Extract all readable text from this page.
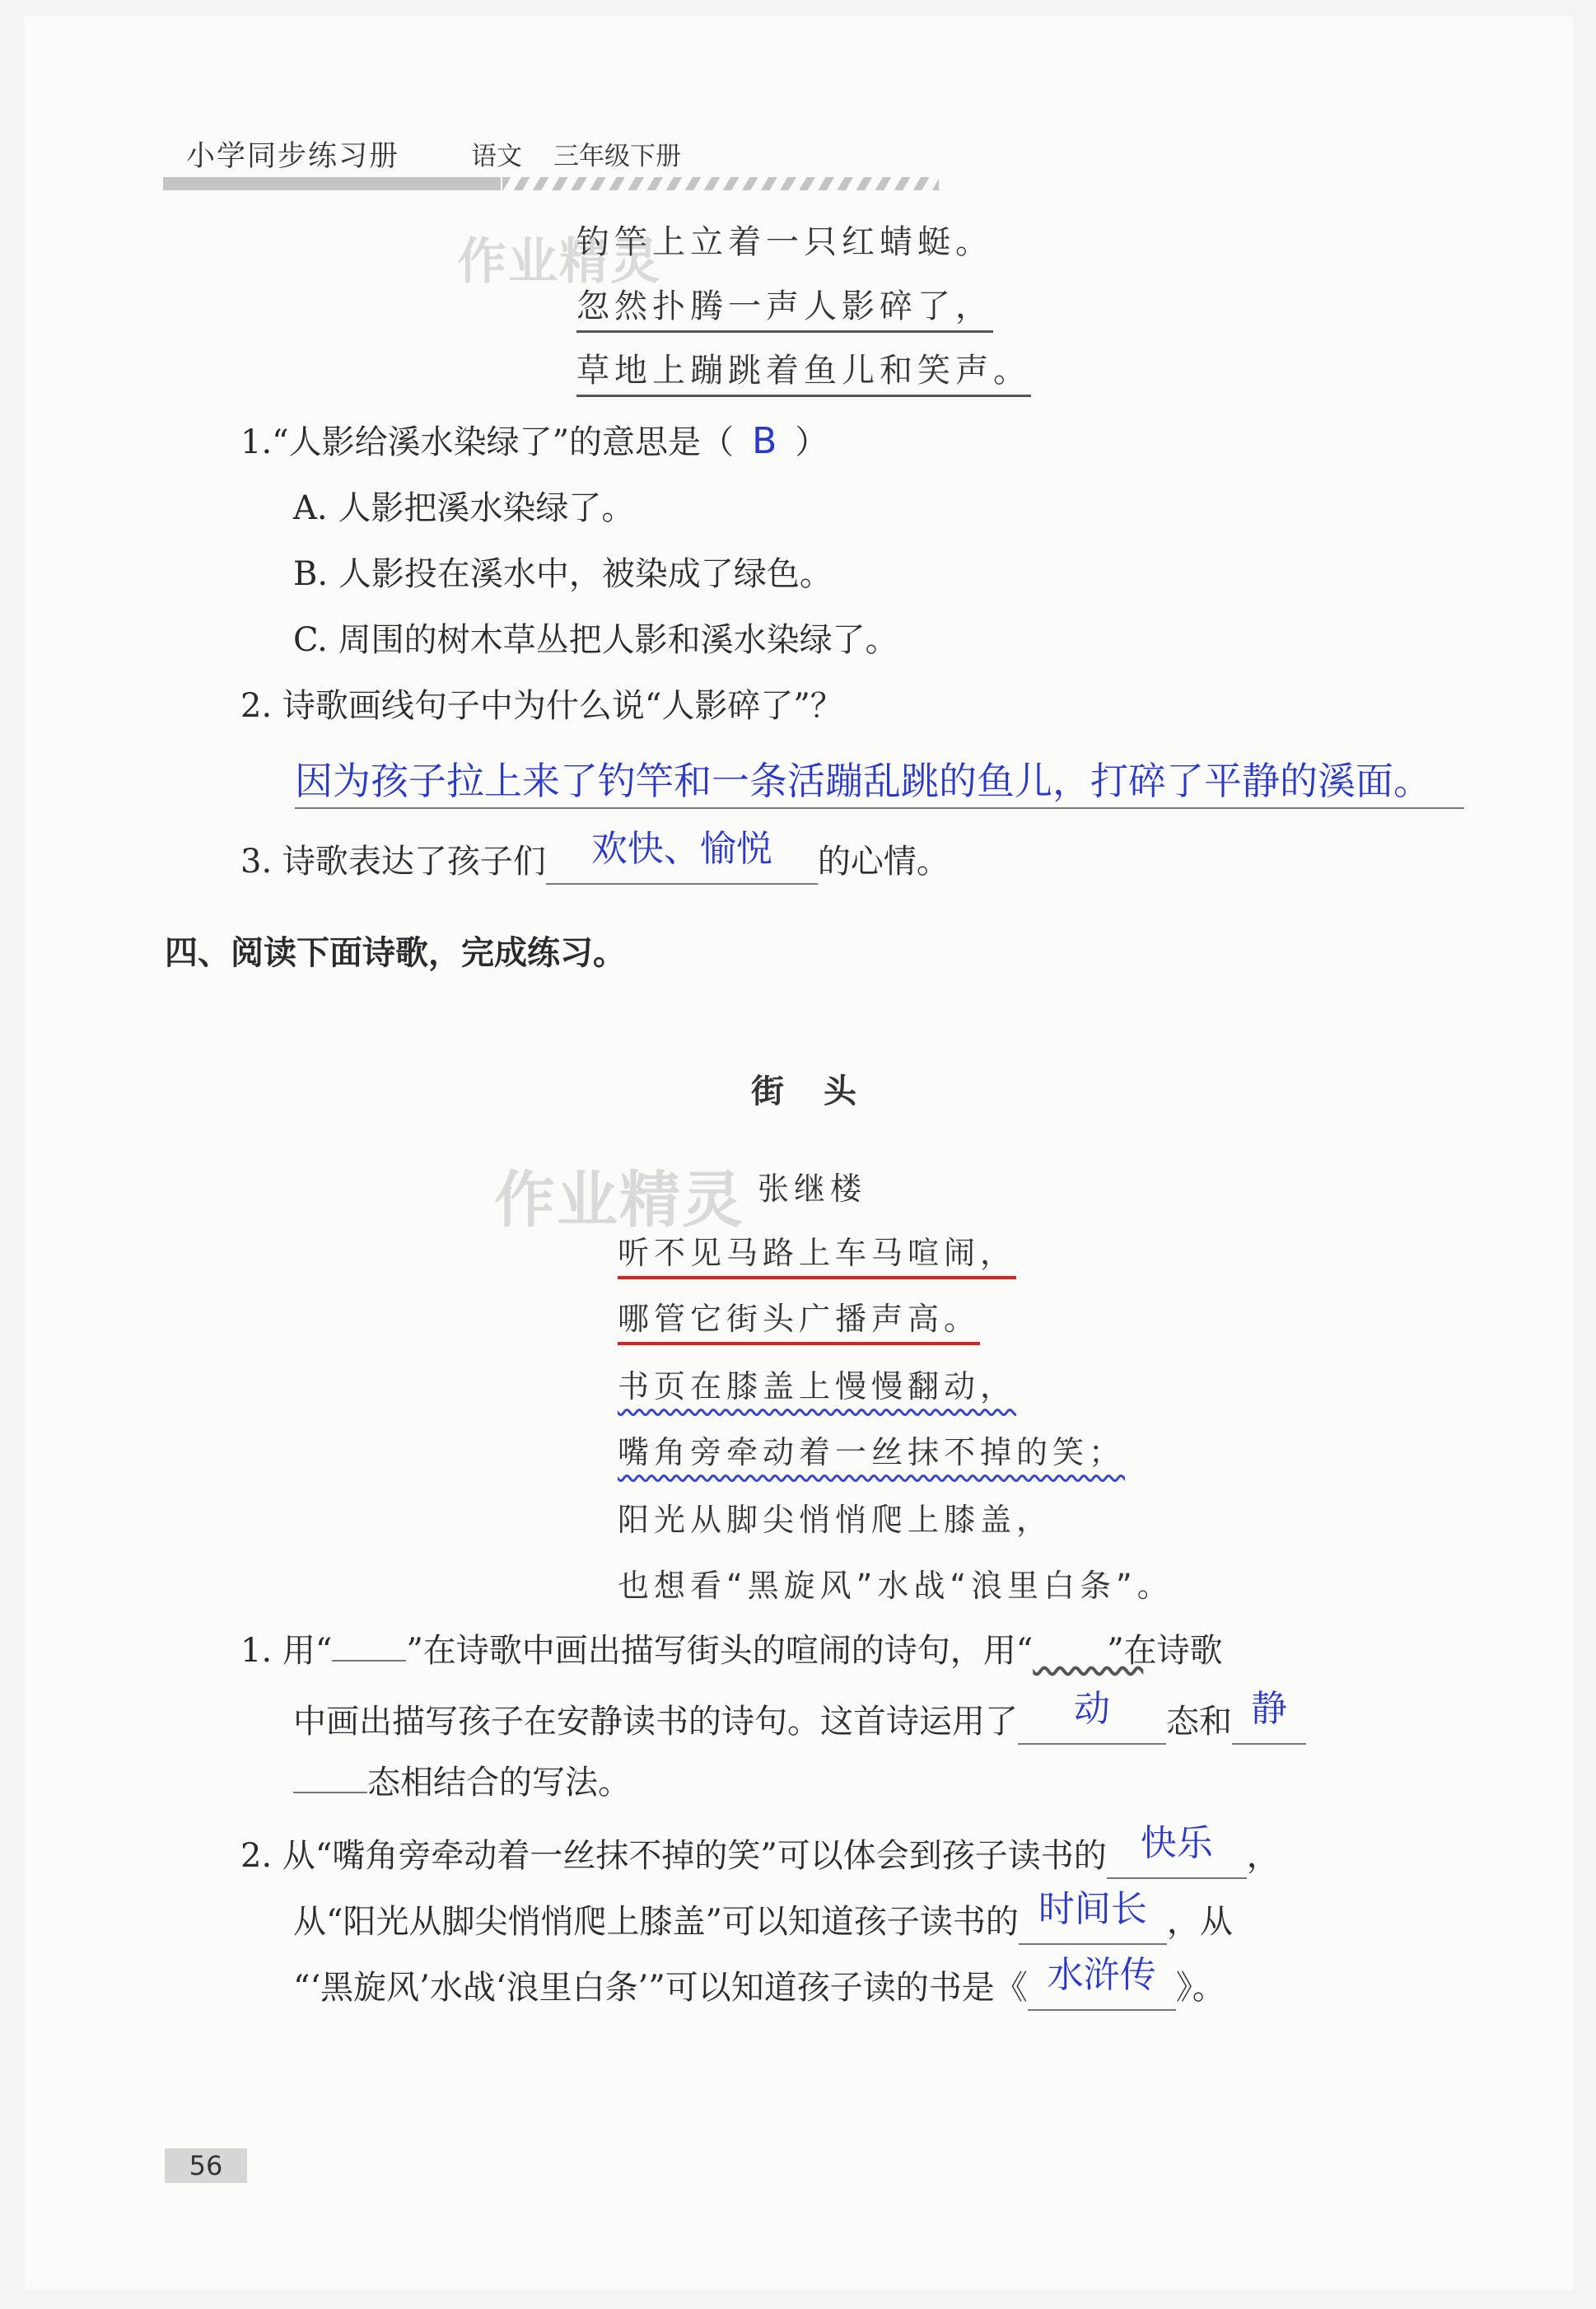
小学同步练习册	语文 三年级下册
作业精灵
钓竿上立着一只红蜻蜓。
忽然扑腾一声人影碎了，
草地上蹦跳着鱼儿和笑声。
1.“人影给溪水染绿了”的意思是（ B ）
A. 人影把溪水染绿了。
B. 人影投在溪水中，被染成了绿色。
C. 周围的树木草丛把人影和溪水染绿了。
2. 诗歌画线句子中为什么说“人影碎了”？
因为孩子拉上来了钓竿和一条活蹦乱跳的鱼儿，打碎了平静的溪面。
3. 诗歌表达了孩子们 欢快、愉悦 的心情。
四、阅读下面诗歌，完成练习。
街　头
作业精灵 张继楼
听不见马路上车马喧闹，
哪管它街头广播声高。
书页在膝盖上慢慢翻动，
嘴角旁牵动着一丝抹不掉的笑；
阳光从脚尖悄悄爬上膝盖，
也想看“黑旋风”水战“浪里白条”。
1. 用“ ”在诗歌中画出描写街头的喧闹的诗句，用“ ”在诗歌
中画出描写孩子在安静读书的诗句。这首诗运用了 动 态和 静
态相结合的写法。
2. 从“嘴角旁牵动着一丝抹不掉的笑”可以体会到孩子读书的 快乐 ，
从“阳光从脚尖悄悄爬上膝盖”可以知道孩子读书的 时间长 ，从
“‘黑旋风’水战‘浪里白条’”可以知道孩子读的书是《 水浒传 》。
56
